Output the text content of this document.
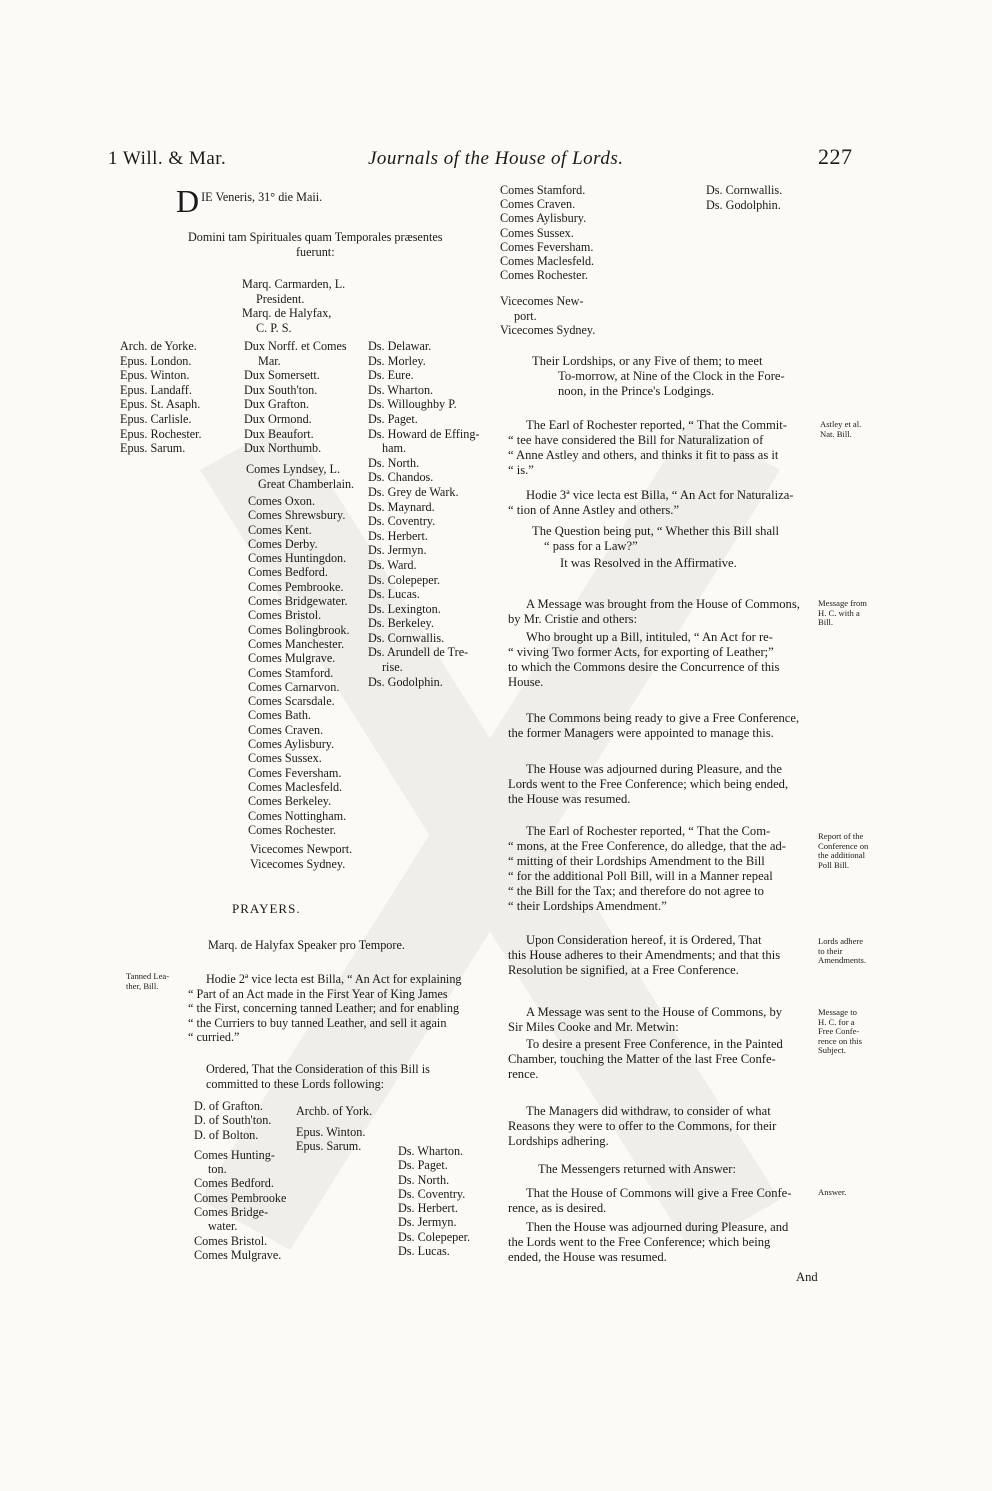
1 Will. & Mar.	Journals of the House of Lords.	227
D IE Veneris, 31° die Maii.
Domini tam Spirituales quam Temporales præsentes
fuerunt:
Marq. Carmarden, L.
President.
Marq. de Halyfax,
C. P. S.
Arch. de Yorke.
Epus. London.
Epus. Winton.
Epus. Landaff.
Epus. St. Asaph.
Epus. Carlisle.
Epus. Rochester.
Epus. Sarum.
Dux Norff. et Comes
Mar.
Dux Somersett.
Dux South'ton.
Dux Grafton.
Dux Ormond.
Dux Beaufort.
Dux Northumb.
Comes Lyndsey, L.
Great Chamberlain.
Comes Oxon.
Comes Shrewsbury.
Comes Kent.
Comes Derby.
Comes Huntingdon.
Comes Bedford.
Comes Pembrooke.
Comes Bridgewater.
Comes Bristol.
Comes Bolingbrook.
Comes Manchester.
Comes Mulgrave.
Comes Stamford.
Comes Carnarvon.
Comes Scarsdale.
Comes Bath.
Comes Craven.
Comes Aylisbury.
Comes Sussex.
Comes Feversham.
Comes Maclesfeld.
Comes Berkeley.
Comes Nottingham.
Comes Rochester.
Vicecomes Newport.
Vicecomes Sydney.
Ds. Delawar.
Ds. Morley.
Ds. Eure.
Ds. Wharton.
Ds. Willoughby P.
Ds. Paget.
Ds. Howard de Effing-
ham.
Ds. North.
Ds. Chandos.
Ds. Grey de Wark.
Ds. Maynard.
Ds. Coventry.
Ds. Herbert.
Ds. Jermyn.
Ds. Ward.
Ds. Colepeper.
Ds. Lucas.
Ds. Lexington.
Ds. Berkeley.
Ds. Cornwallis.
Ds. Arundell de Tre-
rise.
Ds. Godolphin.
PRAYERS.
Marq. de Halyfax Speaker pro Tempore.
Tanned Lea-
ther, Bill.	Hodie 2ª vice lecta est Billa, “ An Act for explaining
“ Part of an Act made in the First Year of King James
“ the First, concerning tanned Leather; and for enabling
“ the Curriers to buy tanned Leather, and sell it again
“ curried.”
Ordered, That the Consideration of this Bill is
committed to these Lords following:
D. of Grafton.
D. of South'ton.
D. of Bolton.
Comes Hunting-
ton.
Comes Bedford.
Comes Pembrooke
Comes Bridge-
water.
Comes Bristol.
Comes Mulgrave.
Archb. of York.
Epus. Winton.
Epus. Sarum.	Ds. Wharton.
Ds. Paget.
Ds. North.
Ds. Coventry.
Ds. Herbert.
Ds. Jermyn.
Ds. Colepeper.
Ds. Lucas.
Comes Stamford.
Comes Craven.
Comes Aylisbury.
Comes Sussex.
Comes Feversham.
Comes Maclesfeld.
Comes Rochester.
Vicecomes New-
port.
Vicecomes Sydney.
Ds. Cornwallis.
Ds. Godolphin.
Their Lordships, or any Five of them; to meet
To-morrow, at Nine of the Clock in the Fore-
noon, in the Prince's Lodgings.
Astley et al.
Nat. Bill.
The Earl of Rochester reported, “ That the Commit-
“ tee have considered the Bill for Naturalization of
“ Anne Astley and others, and thinks it fit to pass as it
“ is.”
Hodie 3ª vice lecta est Billa, “ An Act for Naturaliza-
“ tion of Anne Astley and others.”
The Question being put, “ Whether this Bill shall
“ pass for a Law?”
It was Resolved in the Affirmative.
Message from
H. C. with a
Bill.
A Message was brought from the House of Commons,
by Mr. Cristie and others:
Who brought up a Bill, intituled, “ An Act for re-
“ viving Two former Acts, for exporting of Leather;”
to which the Commons desire the Concurrence of this
House.
The Commons being ready to give a Free Conference,
the former Managers were appointed to manage this.
The House was adjourned during Pleasure, and the
Lords went to the Free Conference; which being ended,
the House was resumed.
Report of the
Conference on
the additional
Poll Bill.
The Earl of Rochester reported, “ That the Com-
“ mons, at the Free Conference, do alledge, that the ad-
“ mitting of their Lordships Amendment to the Bill
“ for the additional Poll Bill, will in a Manner repeal
“ the Bill for the Tax; and therefore do not agree to
“ their Lordships Amendment.”
Lords adhere
to their
Amendments.
Upon Consideration hereof, it is Ordered, That
this House adheres to their Amendments; and that this
Resolution be signified, at a Free Conference.
Message to
H. C. for a
Free Confe-
rence on this
Subject.
A Message was sent to the House of Commons, by
Sir Miles Cooke and Mr. Metwin:
To desire a present Free Conference, in the Painted
Chamber, touching the Matter of the last Free Confe-
rence.
The Managers did withdraw, to consider of what
Reasons they were to offer to the Commons, for their
Lordships adhering.
The Messengers returned with Answer:
Answer.
That the House of Commons will give a Free Confe-
rence, as is desired.
Then the House was adjourned during Pleasure, and
the Lords went to the Free Conference; which being
ended, the House was resumed.
And
